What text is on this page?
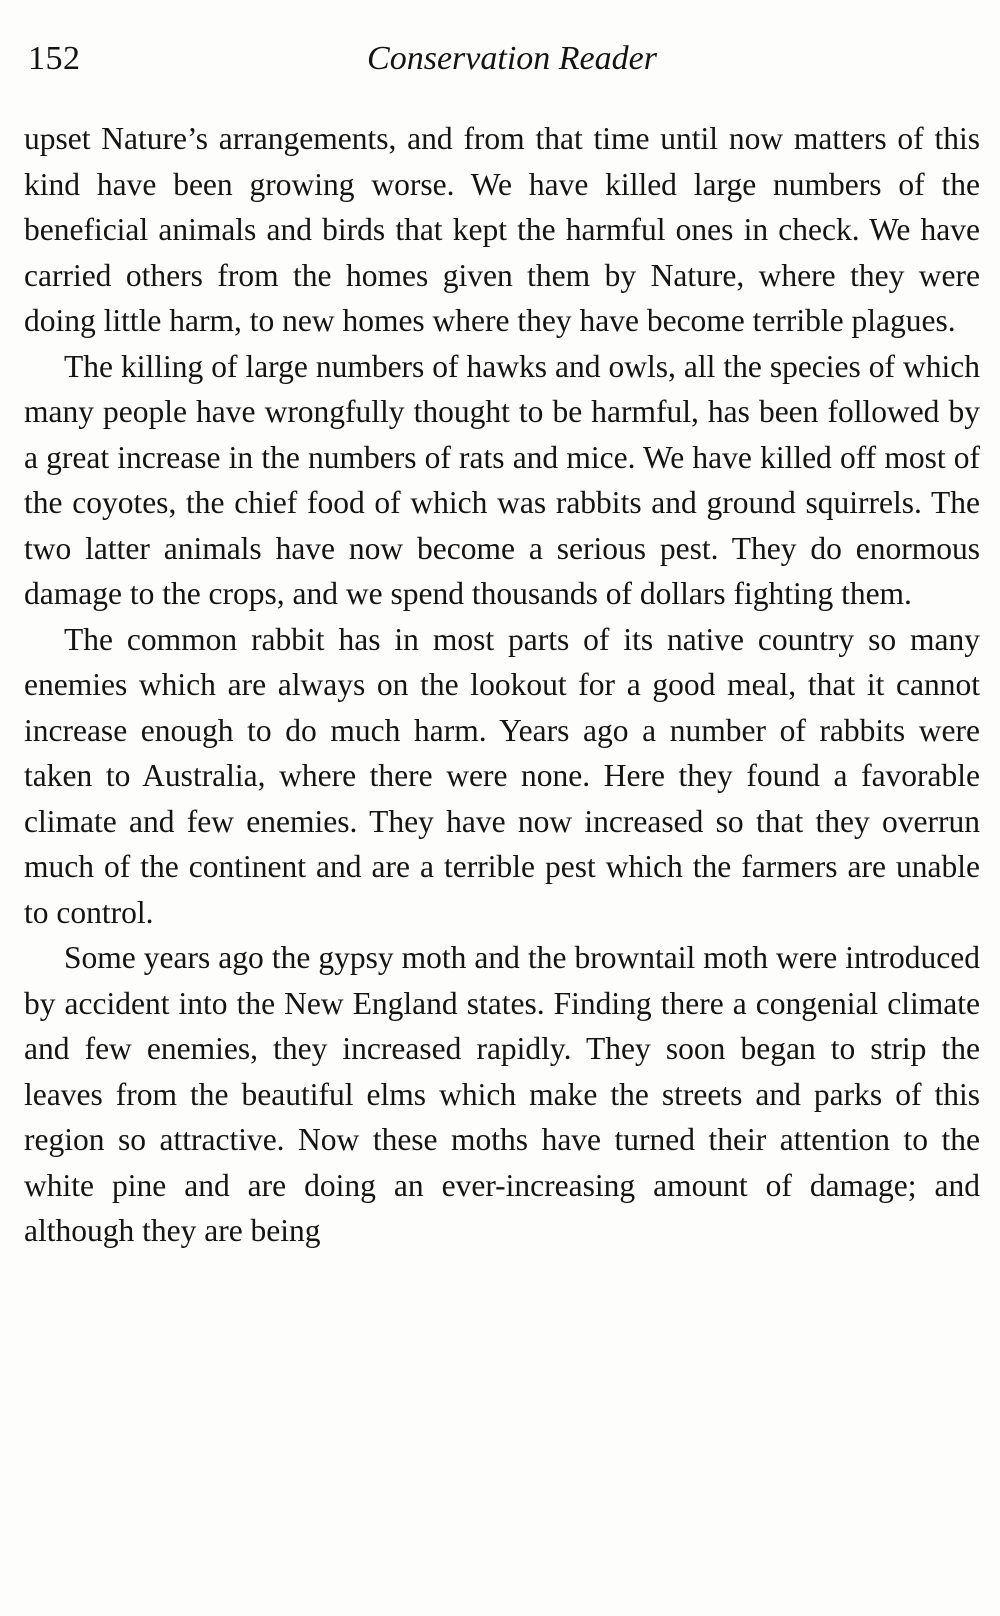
152	Conservation Reader

upset Nature’s arrangements, and from that time until now matters of this kind have been growing worse. We have killed large numbers of the beneficial animals and birds that kept the harmful ones in check. We have carried others from the homes given them by Nature, where they were doing little harm, to new homes where they have become terrible plagues.

The killing of large numbers of hawks and owls, all the species of which many people have wrongfully thought to be harmful, has been followed by a great increase in the numbers of rats and mice. We have killed off most of the coyotes, the chief food of which was rabbits and ground squirrels. The two latter animals have now become a serious pest. They do enormous damage to the crops, and we spend thousands of dollars fighting them.

The common rabbit has in most parts of its native country so many enemies which are always on the lookout for a good meal, that it cannot increase enough to do much harm. Years ago a number of rabbits were taken to Australia, where there were none. Here they found a favorable climate and few enemies. They have now increased so that they overrun much of the continent and are a terrible pest which the farmers are unable to control.

Some years ago the gypsy moth and the browntail moth were introduced by accident into the New England states. Finding there a congenial climate and few enemies, they increased rapidly. They soon began to strip the leaves from the beautiful elms which make the streets and parks of this region so attractive. Now these moths have turned their attention to the white pine and are doing an ever-increasing amount of damage; and although they are being
